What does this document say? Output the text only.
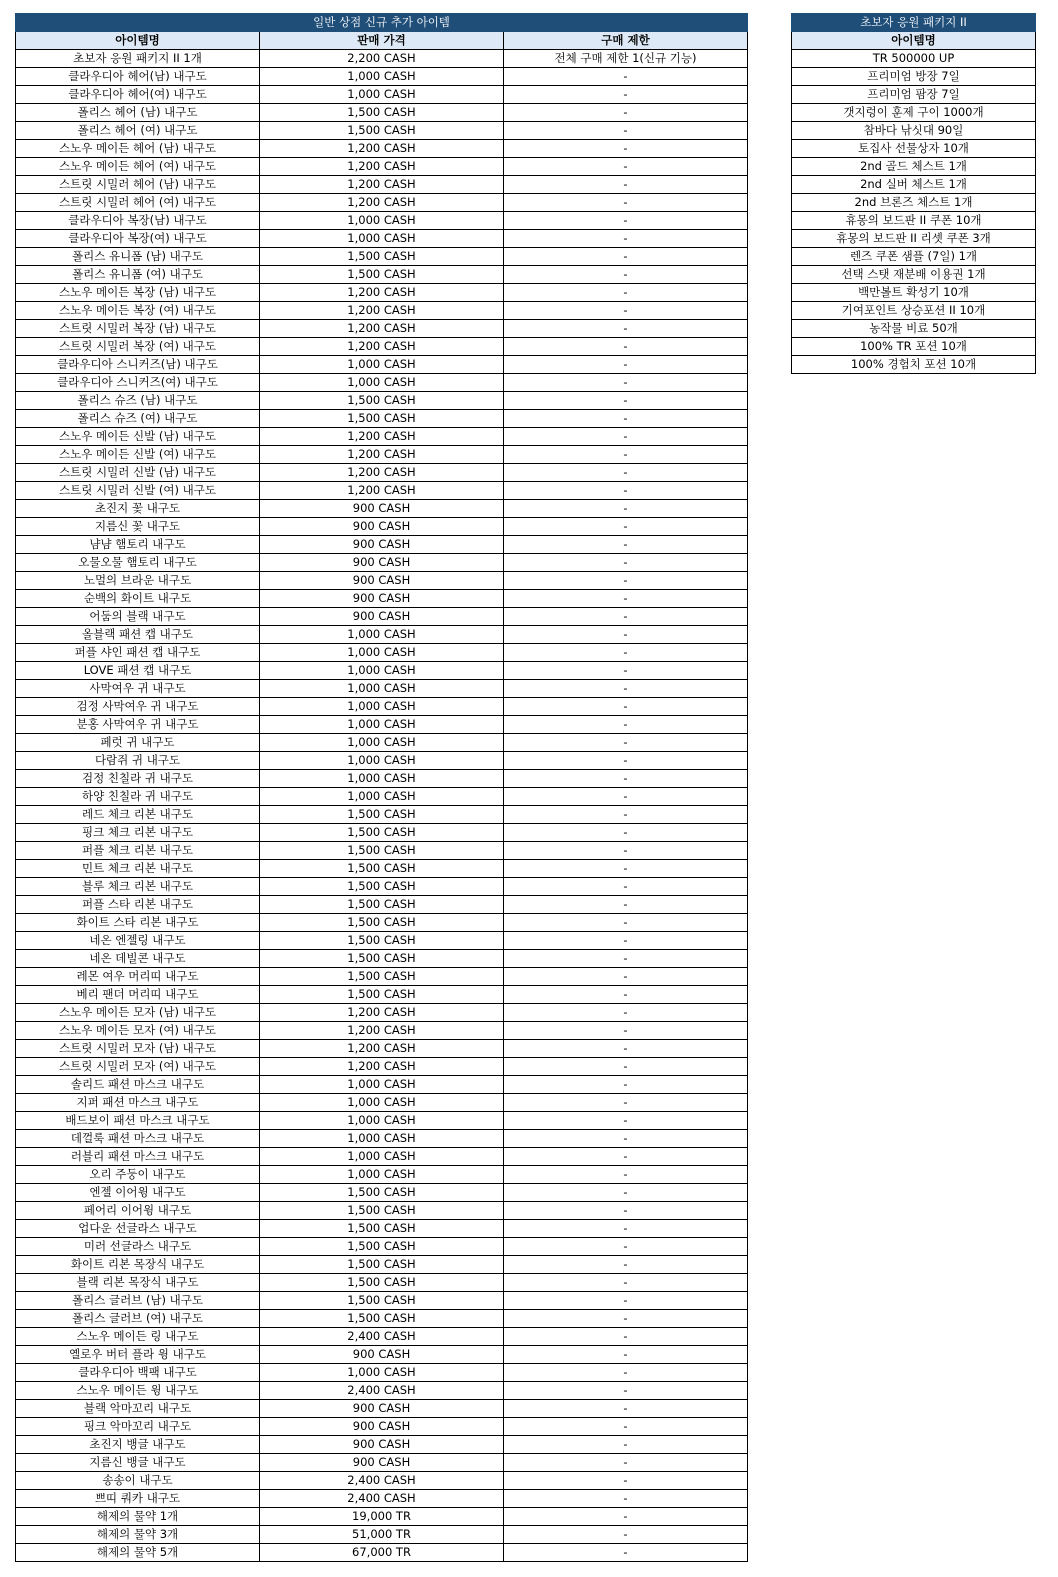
일반 상점 신규 추가 아이템		
아이템명	판매 가격	구매 제한
초보자 응원 패키지 II 1개	2,200 CASH	전체 구매 제한 1(신규 기능)
클라우디아 헤어(남) 내구도	1,000 CASH	-
클라우디아 헤어(여) 내구도	1,000 CASH	-
폴리스 헤어 (남) 내구도	1,500 CASH	-
폴리스 헤어 (여) 내구도	1,500 CASH	-
스노우 메이든 헤어 (남) 내구도	1,200 CASH	-
스노우 메이든 헤어 (여) 내구도	1,200 CASH	-
스트릿 시밀러 헤어 (남) 내구도	1,200 CASH	-
스트릿 시밀러 헤어 (여) 내구도	1,200 CASH	-
클라우디아 복장(남) 내구도	1,000 CASH	-
클라우디아 복장(여) 내구도	1,000 CASH	-
폴리스 유니폼 (남) 내구도	1,500 CASH	-
폴리스 유니폼 (여) 내구도	1,500 CASH	-
스노우 메이든 복장 (남) 내구도	1,200 CASH	-
스노우 메이든 복장 (여) 내구도	1,200 CASH	-
스트릿 시밀러 복장 (남) 내구도	1,200 CASH	-
스트릿 시밀러 복장 (여) 내구도	1,200 CASH	-
클라우디아 스니커즈(남) 내구도	1,000 CASH	-
클라우디아 스니커즈(여) 내구도	1,000 CASH	-
폴리스 슈즈 (남) 내구도	1,500 CASH	-
폴리스 슈즈 (여) 내구도	1,500 CASH	-
스노우 메이든 신발 (남) 내구도	1,200 CASH	-
스노우 메이든 신발 (여) 내구도	1,200 CASH	-
스트릿 시밀러 신발 (남) 내구도	1,200 CASH	-
스트릿 시밀러 신발 (여) 내구도	1,200 CASH	-
초진지 꽃 내구도	900 CASH	-
지름신 꽃 내구도	900 CASH	-
냠냠 햄토리 내구도	900 CASH	-
오물오물 햄토리 내구도	900 CASH	-
노멀의 브라운 내구도	900 CASH	-
순백의 화이트 내구도	900 CASH	-
어둠의 블랙 내구도	900 CASH	-
올블랙 패션 캡 내구도	1,000 CASH	-
퍼플 샤인 패션 캡 내구도	1,000 CASH	-
LOVE 패션 캡 내구도	1,000 CASH	-
사막여우 귀 내구도	1,000 CASH	-
검정 사막여우 귀 내구도	1,000 CASH	-
분홍 사막여우 귀 내구도	1,000 CASH	-
페럿 귀 내구도	1,000 CASH	-
다람쥐 귀 내구도	1,000 CASH	-
검정 친칠라 귀 내구도	1,000 CASH	-
하양 친칠라 귀 내구도	1,000 CASH	-
레드 체크 리본 내구도	1,500 CASH	-
핑크 체크 리본 내구도	1,500 CASH	-
퍼플 체크 리본 내구도	1,500 CASH	-
민트 체크 리본 내구도	1,500 CASH	-
블루 체크 리본 내구도	1,500 CASH	-
퍼플 스타 리본 내구도	1,500 CASH	-
화이트 스타 리본 내구도	1,500 CASH	-
네온 엔젤링 내구도	1,500 CASH	-
네온 데빌콘 내구도	1,500 CASH	-
레몬 여우 머리띠 내구도	1,500 CASH	-
베리 팬더 머리띠 내구도	1,500 CASH	-
스노우 메이든 모자 (남) 내구도	1,200 CASH	-
스노우 메이든 모자 (여) 내구도	1,200 CASH	-
스트릿 시밀러 모자 (남) 내구도	1,200 CASH	-
스트릿 시밀러 모자 (여) 내구도	1,200 CASH	-
솔리드 패션 마스크 내구도	1,000 CASH	-
지퍼 패션 마스크 내구도	1,000 CASH	-
배드보이 패션 마스크 내구도	1,000 CASH	-
데껄룩 패션 마스크 내구도	1,000 CASH	-
러블리 패션 마스크 내구도	1,000 CASH	-
오리 주둥이 내구도	1,000 CASH	-
엔젤 이어윙 내구도	1,500 CASH	-
페어리 이어윙 내구도	1,500 CASH	-
업다운 선글라스 내구도	1,500 CASH	-
미러 선글라스 내구도	1,500 CASH	-
화이트 리본 목장식 내구도	1,500 CASH	-
블랙 리본 목장식 내구도	1,500 CASH	-
폴리스 글러브 (남) 내구도	1,500 CASH	-
폴리스 글러브 (여) 내구도	1,500 CASH	-
스노우 메이든 링 내구도	2,400 CASH	-
옐로우 버터 플라 윙 내구도	900 CASH	-
클라우디아 백팩 내구도	1,000 CASH	-
스노우 메이든 윙 내구도	2,400 CASH	-
블랙 악마꼬리 내구도	900 CASH	-
핑크 악마꼬리 내구도	900 CASH	-
초진지 뱅글 내구도	900 CASH	-
지름신 뱅글 내구도	900 CASH	-
송송이 내구도	2,400 CASH	-
쁘띠 쿼카 내구도	2,400 CASH	-
해제의 물약 1개	19,000 TR	-
해제의 물약 3개	51,000 TR	-
해제의 물약 5개	67,000 TR	-
초보자 응원 패키지 II
아이템명
TR 500000 UP
프리미엄 방장 7일
프리미엄 팜장 7일
갯지렁이 훈제 구이 1000개
참바다 낚싯대 90일
토집사 선물상자 10개
2nd 골드 체스트 1개
2nd 실버 체스트 1개
2nd 브론즈 체스트 1개
휴몽의 보드판 II 쿠폰 10개
휴몽의 보드판 II 리셋 쿠폰 3개
렌즈 쿠폰 샘플 (7일) 1개
선택 스탯 재분배 이용권 1개
백만볼트 확성기 10개
기여포인트 상승포션 II 10개
농작물 비료 50개
100% TR 포션 10개
100% 경험치 포션 10개
